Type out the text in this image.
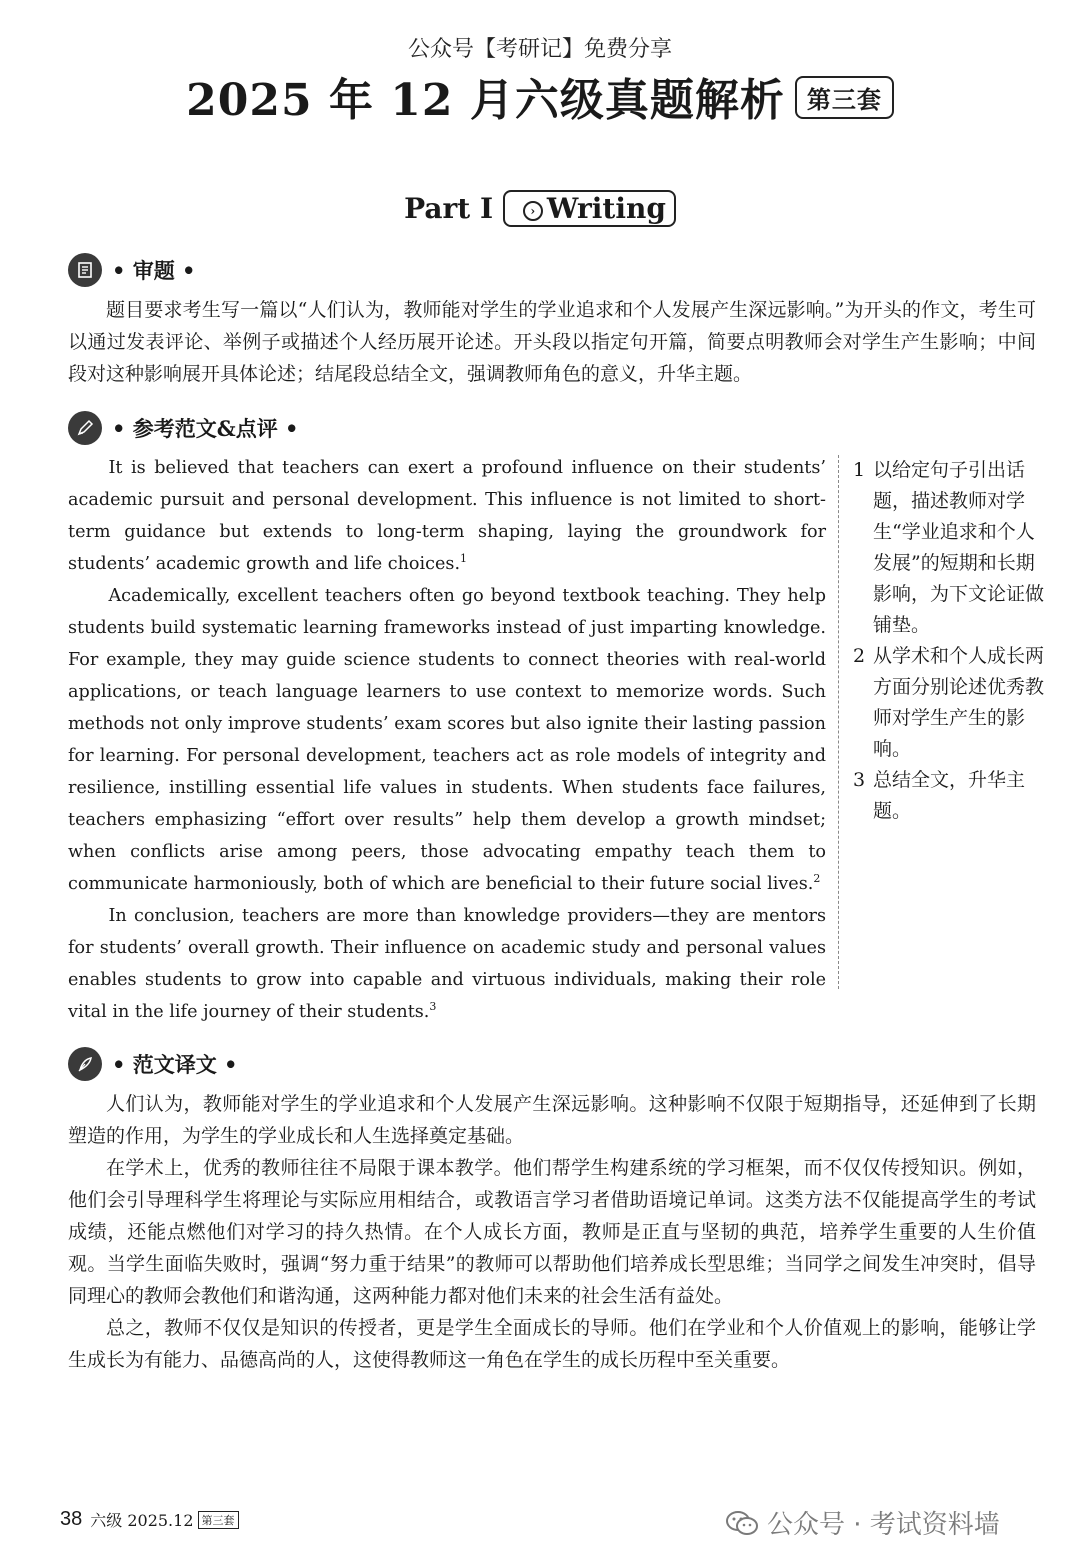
公众号【考研记】免费分享
2025 年 12 月六级真题解析 第三套
Part I	› Writing
• 审题 •

题目要求考生写一篇以“人们认为，教师能对学生的学业追求和个人发展产生深远影响。”为开头的作文，考生可以通过发表评论、举例子或描述个人经历展开论述。开头段以指定句开篇，简要点明教师会对学生产生影响；中间段对这种影响展开具体论述；结尾段总结全文，强调教师角色的意义，升华主题。

• 参考范文&点评 •

It is believed that teachers can exert a profound influence on their students’ academic pursuit and personal development. This influence is not limited to short-term guidance but extends to long-term shaping, laying the groundwork for students’ academic growth and life choices.$^1$

Academically, excellent teachers often go beyond textbook teaching. They help students build systematic learning frameworks instead of just imparting knowledge. For example, they may guide science students to connect theories with real-world applications, or teach language learners to use context to memorize words. Such methods not only improve students’ exam scores but also ignite their lasting passion for learning. For personal development, teachers act as role models of integrity and resilience, instilling essential life values in students. When students face failures, teachers emphasizing “effort over results” help them develop a growth mindset; when conflicts arise among peers, those advocating empathy teach them to communicate harmoniously, both of which are beneficial to their future social lives.$^2$

In conclusion, teachers are more than knowledge providers—they are mentors for students’ overall growth. Their influence on academic study and personal values enables students to grow into capable and virtuous individuals, making their role vital in the life journey of their students.$^3$

1 以给定句子引出话题，描述教师对学生“学业追求和个人发展”的短期和长期影响，为下文论证做铺垫。
2 从学术和个人成长两方面分别论述优秀教师对学生产生的影响。
3 总结全文，升华主题。
• 范文译文 •

人们认为，教师能对学生的学业追求和个人发展产生深远影响。这种影响不仅限于短期指导，还延伸到了长期塑造的作用，为学生的学业成长和人生选择奠定基础。

在学术上，优秀的教师往往不局限于课本教学。他们帮学生构建系统的学习框架，而不仅仅传授知识。例如，他们会引导理科学生将理论与实际应用相结合，或教语言学习者借助语境记单词。这类方法不仅能提高学生的考试成绩，还能点燃他们对学习的持久热情。在个人成长方面，教师是正直与坚韧的典范，培养学生重要的人生价值观。当学生面临失败时，强调“努力重于结果”的教师可以帮助他们培养成长型思维；当同学之间发生冲突时，倡导同理心的教师会教他们和谐沟通，这两种能力都对他们未来的社会生活有益处。

总之，教师不仅仅是知识的传授者，更是学生全面成长的导师。他们在学业和个人价值观上的影响，能够让学生成长为有能力、品德高尚的人，这使得教师这一角色在学生的成长历程中至关重要。

38 六级 2025.12 第三套	公众号 · 考试资料墙
